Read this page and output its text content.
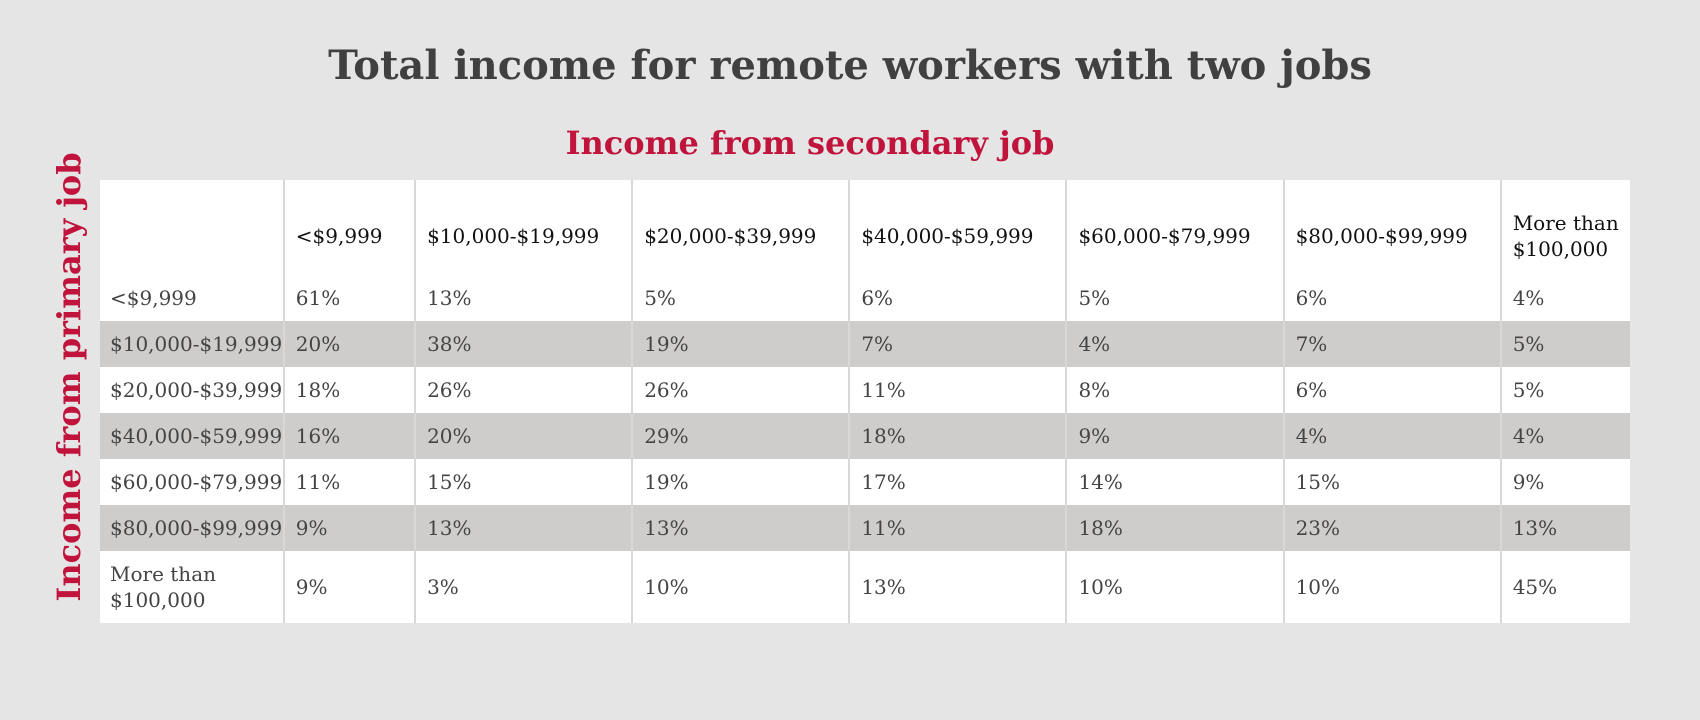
Total income for remote workers with two jobs
Income from secondary job
Income from primary job

	<$9,999	$10,000-$19,999	$20,000-$39,999	$40,000-$59,999	$60,000-$79,999	$80,000-$99,999	More than $100,000

<$9,999	61%	13%	5%	6%	5%	6%	4%
$10,000-$19,999	20%	38%	19%	7%	4%	7%	5%
$20,000-$39,999	18%	26%	26%	11%	8%	6%	5%
$40,000-$59,999	16%	20%	29%	18%	9%	4%	4%
$60,000-$79,999	11%	15%	19%	17%	14%	15%	9%
$80,000-$99,999	9%	13%	13%	11%	18%	23%	13%
More than $100,000	9%	3%	10%	13%	10%	10%	45%
